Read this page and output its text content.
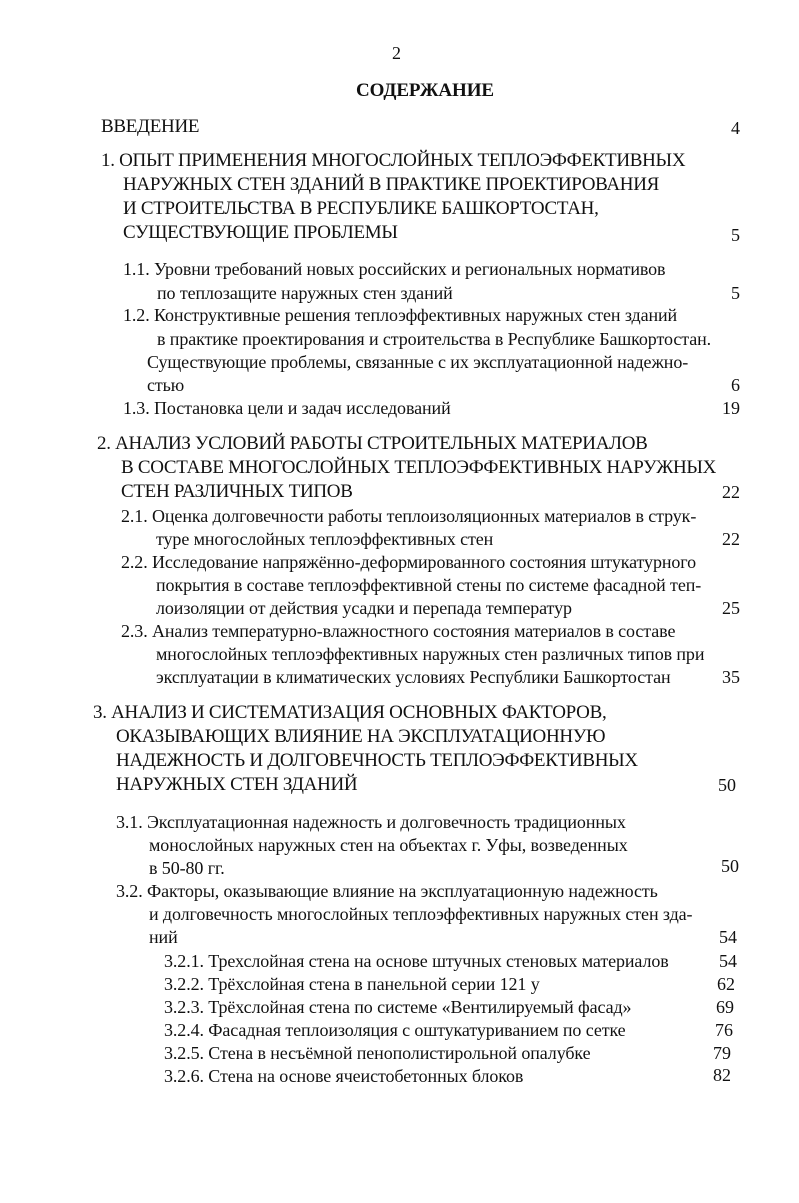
2
СОДЕРЖАНИЕ
ВВЕДЕНИЕ	4
1. ОПЫТ ПРИМЕНЕНИЯ МНОГОСЛОЙНЫХ ТЕПЛОЭФФЕКТИВНЫХ
НАРУЖНЫХ СТЕН ЗДАНИЙ В ПРАКТИКЕ ПРОЕКТИРОВАНИЯ
И СТРОИТЕЛЬСТВА В РЕСПУБЛИКЕ БАШКОРТОСТАН,
СУЩЕСТВУЮЩИЕ ПРОБЛЕМЫ	5
1.1. Уровни требований новых российских и региональных нормативов
по теплозащите наружных стен зданий	5
1.2. Конструктивные решения теплоэффективных наружных стен зданий
в практике проектирования и строительства в Республике Башкортостан.
Существующие проблемы, связанные с их эксплуатационной надежно-
стью	6
1.3. Постановка цели и задач исследований	19
2. АНАЛИЗ УСЛОВИЙ РАБОТЫ СТРОИТЕЛЬНЫХ МАТЕРИАЛОВ
В СОСТАВЕ МНОГОСЛОЙНЫХ ТЕПЛОЭФФЕКТИВНЫХ НАРУЖНЫХ
СТЕН РАЗЛИЧНЫХ ТИПОВ	22
2.1. Оценка долговечности работы теплоизоляционных материалов в струк-
туре многослойных теплоэффективных стен	22
2.2. Исследование напряжённо-деформированного состояния штукатурного
покрытия в составе теплоэффективной стены по системе фасадной теп-
лоизоляции от действия усадки и перепада температур	25
2.3. Анализ температурно-влажностного состояния материалов в составе
многослойных теплоэффективных наружных стен различных типов при
эксплуатации в климатических условиях Республики Башкортостан	35
3. АНАЛИЗ И СИСТЕМАТИЗАЦИЯ ОСНОВНЫХ ФАКТОРОВ,
ОКАЗЫВАЮЩИХ ВЛИЯНИЕ НА ЭКСПЛУАТАЦИОННУЮ
НАДЕЖНОСТЬ И ДОЛГОВЕЧНОСТЬ ТЕПЛОЭФФЕКТИВНЫХ
НАРУЖНЫХ СТЕН ЗДАНИЙ	50
3.1. Эксплуатационная надежность и долговечность традиционных
монослойных наружных стен на объектах г. Уфы, возведенных
в 50-80 гг.	50
3.2. Факторы, оказывающие влияние на эксплуатационную надежность
и долговечность многослойных теплоэффективных наружных стен зда-
ний	54
3.2.1. Трехслойная стена на основе штучных стеновых материалов	54
3.2.2. Трёхслойная стена в панельной серии 121 у	62
3.2.3. Трёхслойная стена по системе «Вентилируемый фасад»	69
3.2.4. Фасадная теплоизоляция с оштукатуриванием по сетке	76
3.2.5. Стена в несъёмной пенополистирольной опалубке	79
3.2.6. Стена на основе ячеистобетонных блоков	82
